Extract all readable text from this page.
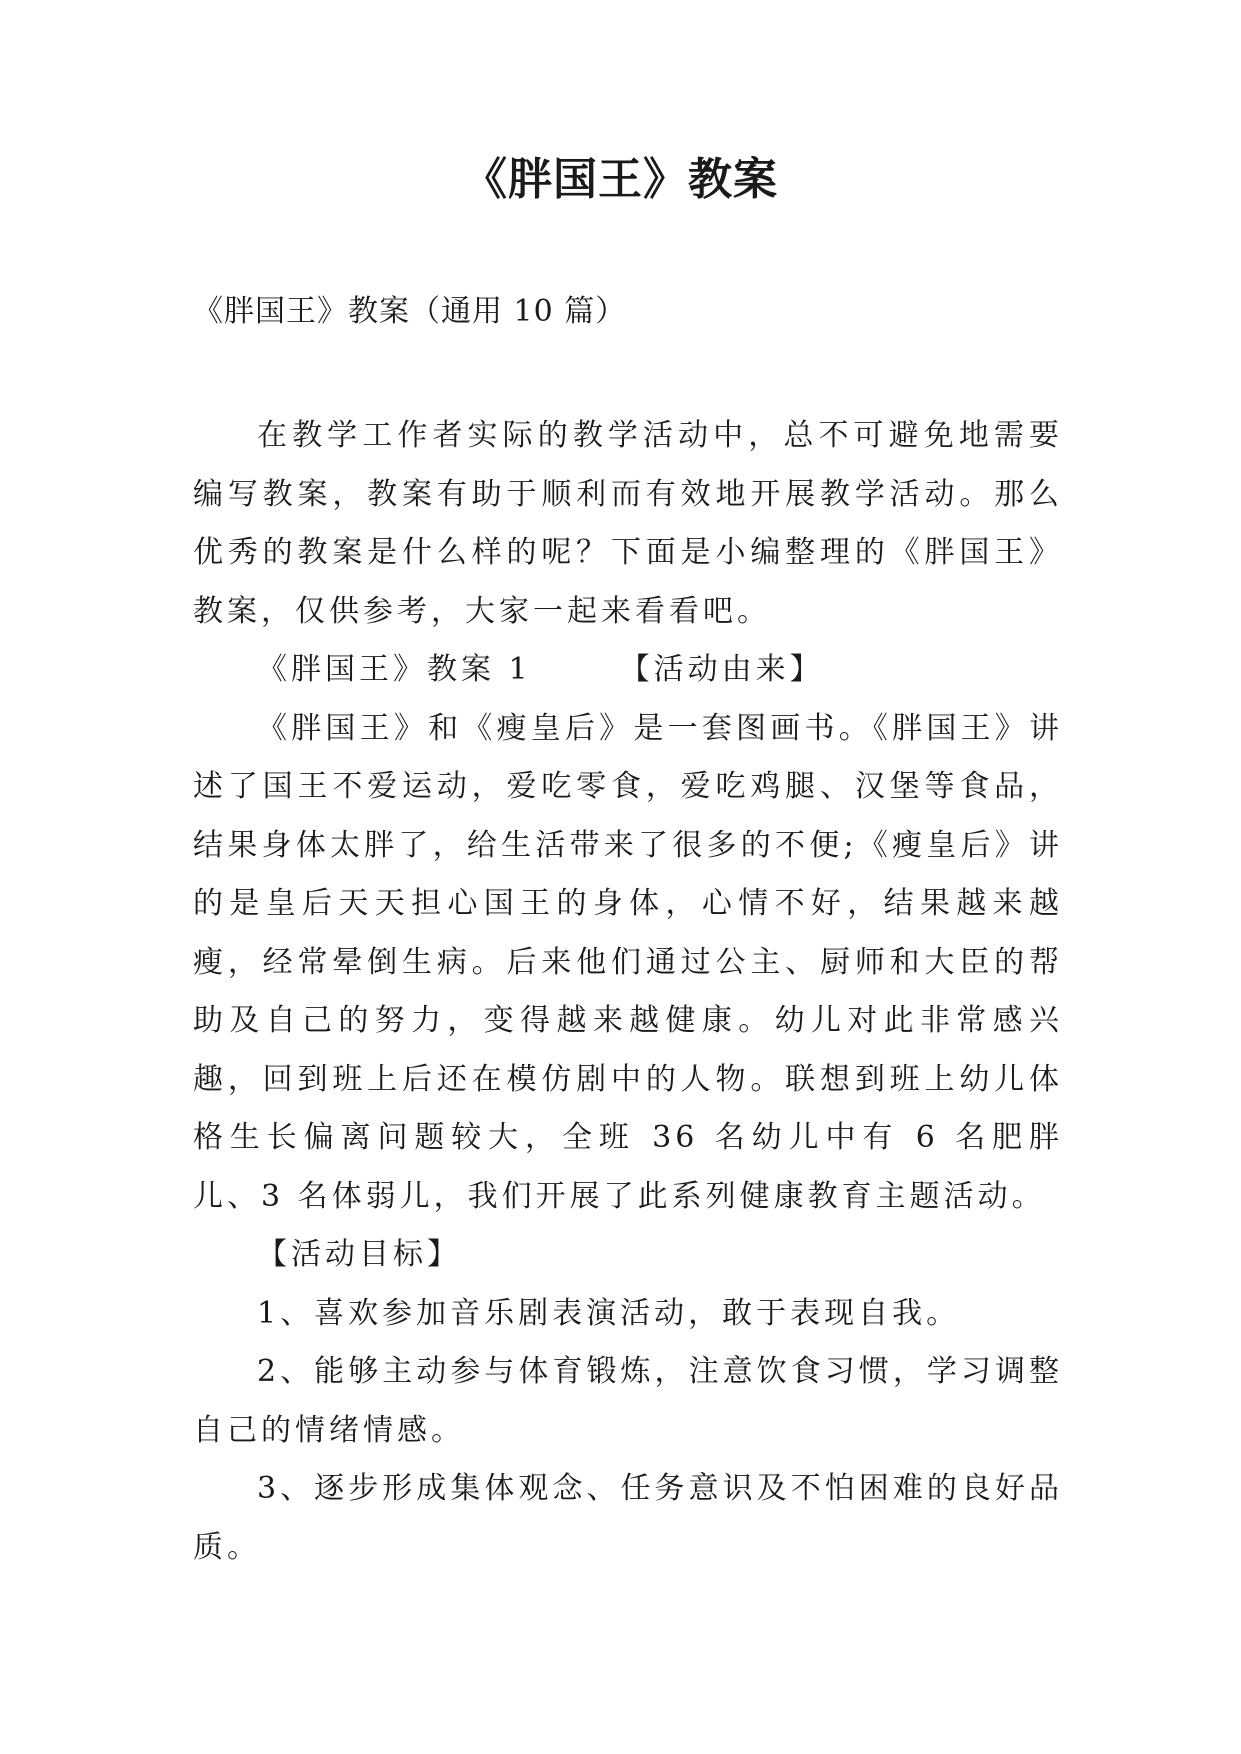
《胖国王》教案

《胖国王》教案（通用 10 篇）

在教学工作者实际的教学活动中，总不可避免地需要编写教案，教案有助于顺利而有效地开展教学活动。那么优秀的教案是什么样的呢？下面是小编整理的《胖国王》教案，仅供参考，大家一起来看看吧。

《胖国王》教案 1	【活动由来】

《胖国王》和《瘦皇后》是一套图画书。《胖国王》讲述了国王不爱运动，爱吃零食，爱吃鸡腿、汉堡等食品，结果身体太胖了，给生活带来了很多的不便;《瘦皇后》讲的是皇后天天担心国王的身体，心情不好，结果越来越瘦，经常晕倒生病。后来他们通过公主、厨师和大臣的帮助及自己的努力，变得越来越健康。幼儿对此非常感兴趣，回到班上后还在模仿剧中的人物。联想到班上幼儿体格生长偏离问题较大，全班 36 名幼儿中有 6 名肥胖儿、3 名体弱儿，我们开展了此系列健康教育主题活动。

【活动目标】

1、喜欢参加音乐剧表演活动，敢于表现自我。

2、能够主动参与体育锻炼，注意饮食习惯，学习调整自己的情绪情感。

3、逐步形成集体观念、任务意识及不怕困难的良好品质。
